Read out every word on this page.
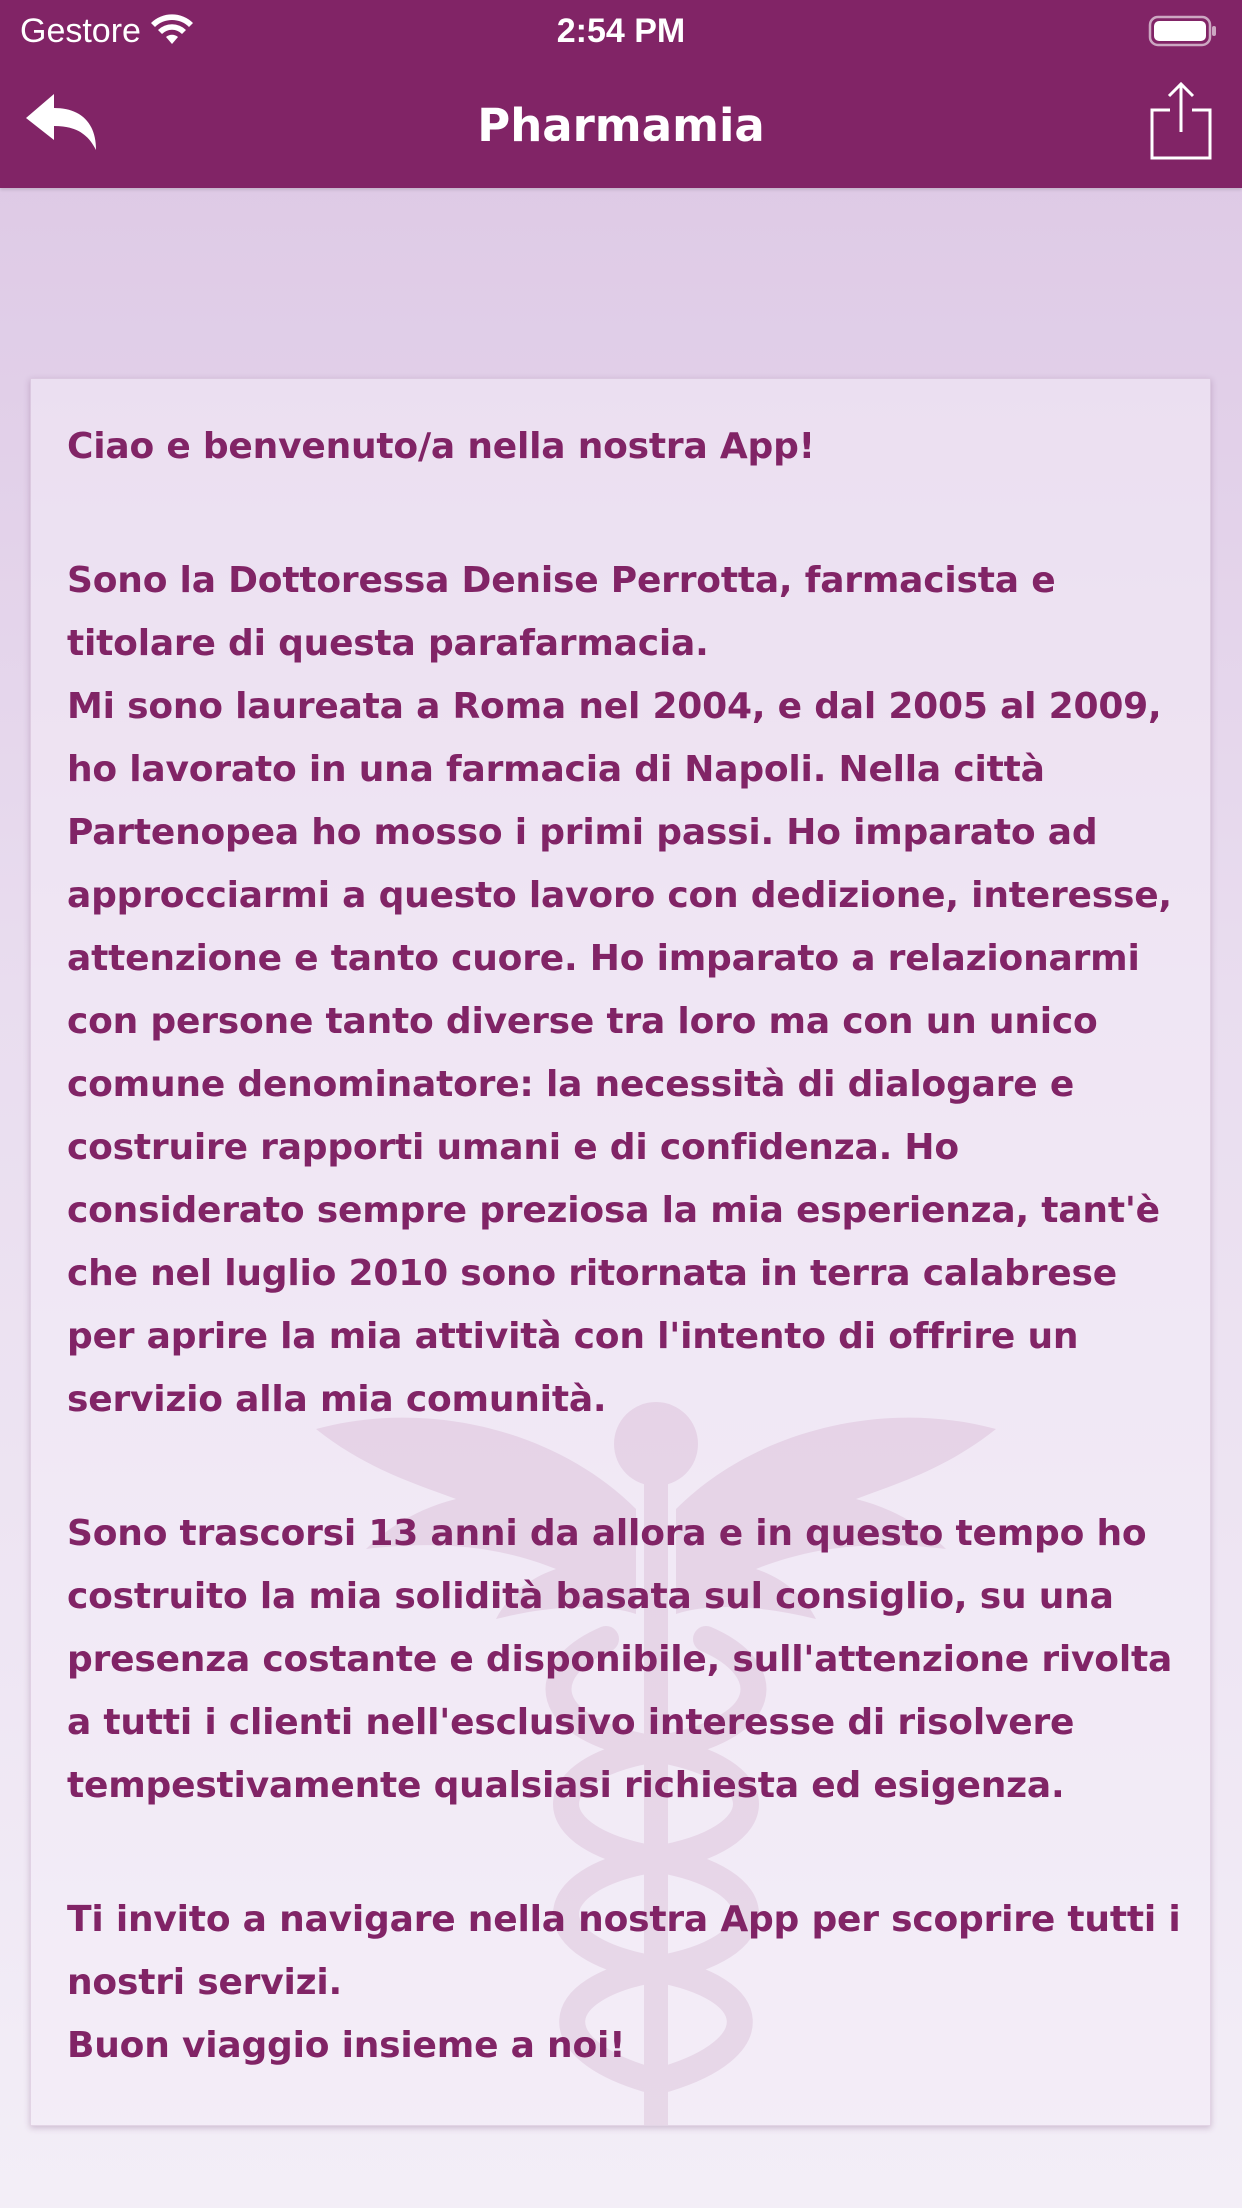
Gestore	2:54 PM
Pharmamia

Ciao e benvenuto/a nella nostra App!

Sono la Dottoressa Denise Perrotta, farmacista e titolare di questa parafarmacia.

Mi sono laureata a Roma nel 2004, e dal 2005 al 2009, ho lavorato in una farmacia di Napoli. Nella città Partenopea ho mosso i primi passi. Ho imparato ad approcciarmi a questo lavoro con dedizione, interesse, attenzione e tanto cuore. Ho imparato a relazionarmi con persone tanto diverse tra loro ma con un unico comune denominatore: la necessità di dialogare e costruire rapporti umani e di confidenza. Ho considerato sempre preziosa la mia esperienza, tant'è che nel luglio 2010 sono ritornata in terra calabrese per aprire la mia attività con l'intento di offrire un servizio alla mia comunità.

Sono trascorsi 13 anni da allora e in questo tempo ho costruito la mia solidità basata sul consiglio, su una presenza costante e disponibile, sull'attenzione rivolta a tutti i clienti nell'esclusivo interesse di risolvere tempestivamente qualsiasi richiesta ed esigenza.

Ti invito a navigare nella nostra App per scoprire tutti i nostri servizi.

Buon viaggio insieme a noi!
